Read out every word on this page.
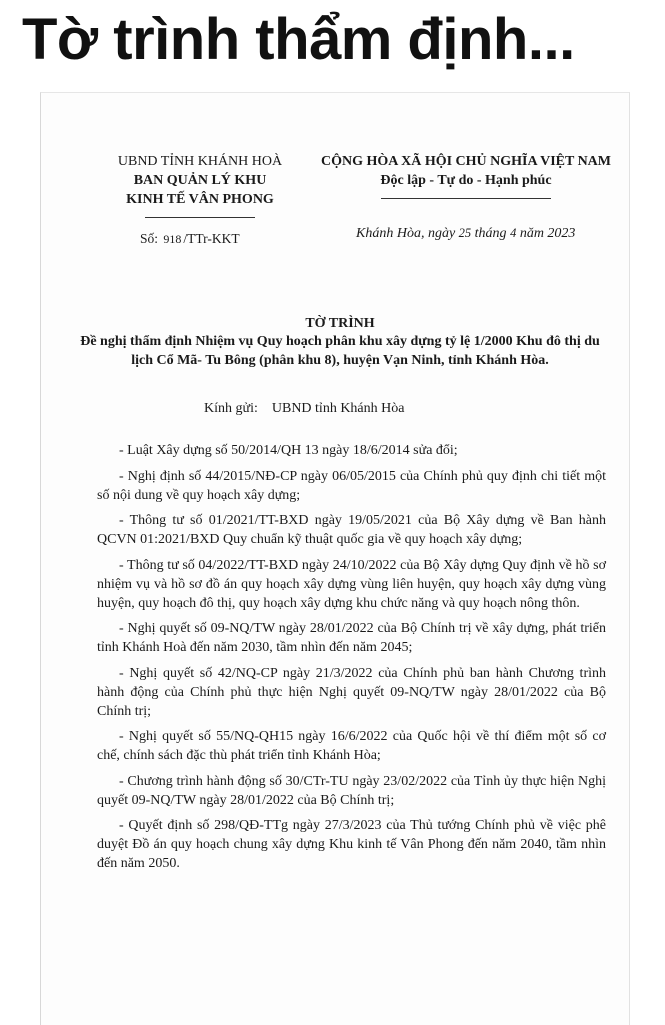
Tờ trình thẩm định...
UBND TỈNH KHÁNH HOÀ
BAN QUẢN LÝ KHU
KINH TẾ VÂN PHONG
Số: 918 /TTr-KKT
CỘNG HÒA XÃ HỘI CHỦ NGHĨA VIỆT NAM
Độc lập - Tự do - Hạnh phúc
Khánh Hòa, ngày 25 tháng 4 năm 2023
TỜ TRÌNH
Đề nghị thẩm định Nhiệm vụ Quy hoạch phân khu xây dựng tỷ lệ 1/2000 Khu đô thị du lịch Cổ Mã- Tu Bông (phân khu 8), huyện Vạn Ninh, tỉnh Khánh Hòa.
Kính gửi: UBND tỉnh Khánh Hòa

- Luật Xây dựng số 50/2014/QH 13 ngày 18/6/2014 sửa đổi;

- Nghị định số 44/2015/NĐ-CP ngày 06/05/2015 của Chính phủ quy định chi tiết một số nội dung về quy hoạch xây dựng;

- Thông tư số 01/2021/TT-BXD ngày 19/05/2021 của Bộ Xây dựng về Ban hành QCVN 01:2021/BXD Quy chuẩn kỹ thuật quốc gia về quy hoạch xây dựng;

- Thông tư số 04/2022/TT-BXD ngày 24/10/2022 của Bộ Xây dựng Quy định về hồ sơ nhiệm vụ và hồ sơ đồ án quy hoạch xây dựng vùng liên huyện, quy hoạch xây dựng vùng huyện, quy hoạch đô thị, quy hoạch xây dựng khu chức năng và quy hoạch nông thôn.

- Nghị quyết số 09-NQ/TW ngày 28/01/2022 của Bộ Chính trị về xây dựng, phát triển tỉnh Khánh Hoà đến năm 2030, tầm nhìn đến năm 2045;

- Nghị quyết số 42/NQ-CP ngày 21/3/2022 của Chính phủ ban hành Chương trình hành động của Chính phủ thực hiện Nghị quyết 09-NQ/TW ngày 28/01/2022 của Bộ Chính trị;

- Nghị quyết số 55/NQ-QH15 ngày 16/6/2022 của Quốc hội về thí điểm một số cơ chế, chính sách đặc thù phát triển tỉnh Khánh Hòa;

- Chương trình hành động số 30/CTr-TU ngày 23/02/2022 của Tỉnh ủy thực hiện Nghị quyết 09-NQ/TW ngày 28/01/2022 của Bộ Chính trị;

- Quyết định số 298/QĐ-TTg ngày 27/3/2023 của Thủ tướng Chính phủ về việc phê duyệt Đồ án quy hoạch chung xây dựng Khu kinh tế Vân Phong đến năm 2040, tầm nhìn đến năm 2050.
